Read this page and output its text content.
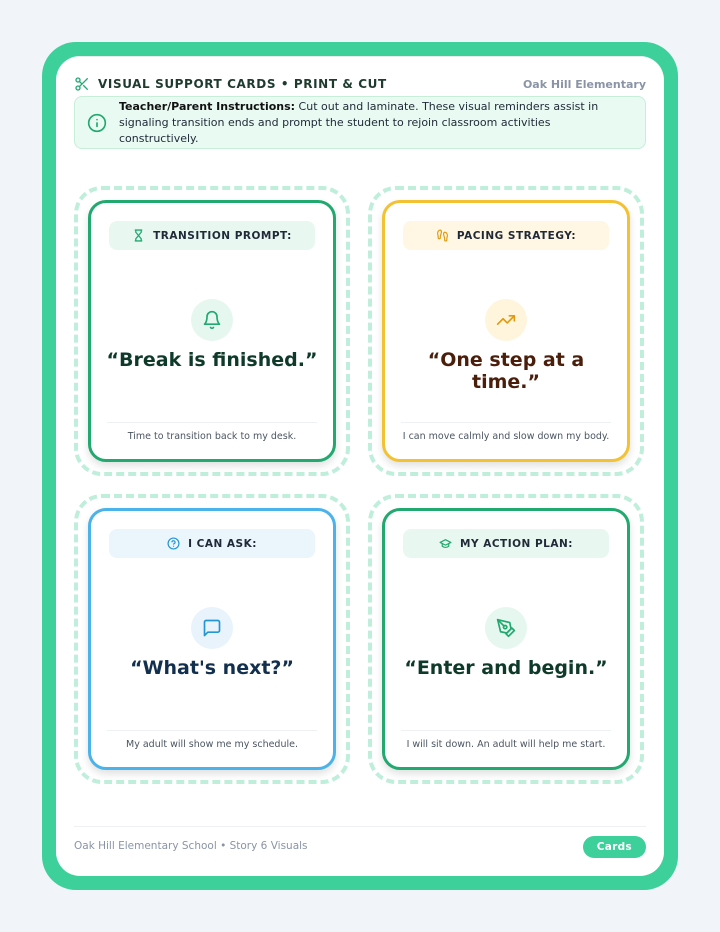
VISUAL SUPPORT CARDS • PRINT & CUT	Oak Hill Elementary
Teacher/Parent Instructions: Cut out and laminate. These visual reminders assist in signaling transition ends and prompt the student to rejoin classroom activities constructively.
TRANSITION PROMPT:
“Break is finished.”
Time to transition back to my desk.
PACING STRATEGY:
“One step at a time.”
I can move calmly and slow down my body.
I CAN ASK:
“What's next?”
My adult will show me my schedule.
MY ACTION PLAN:
“Enter and begin.”
I will sit down. An adult will help me start.
Oak Hill Elementary School • Story 6 Visuals	Cards
